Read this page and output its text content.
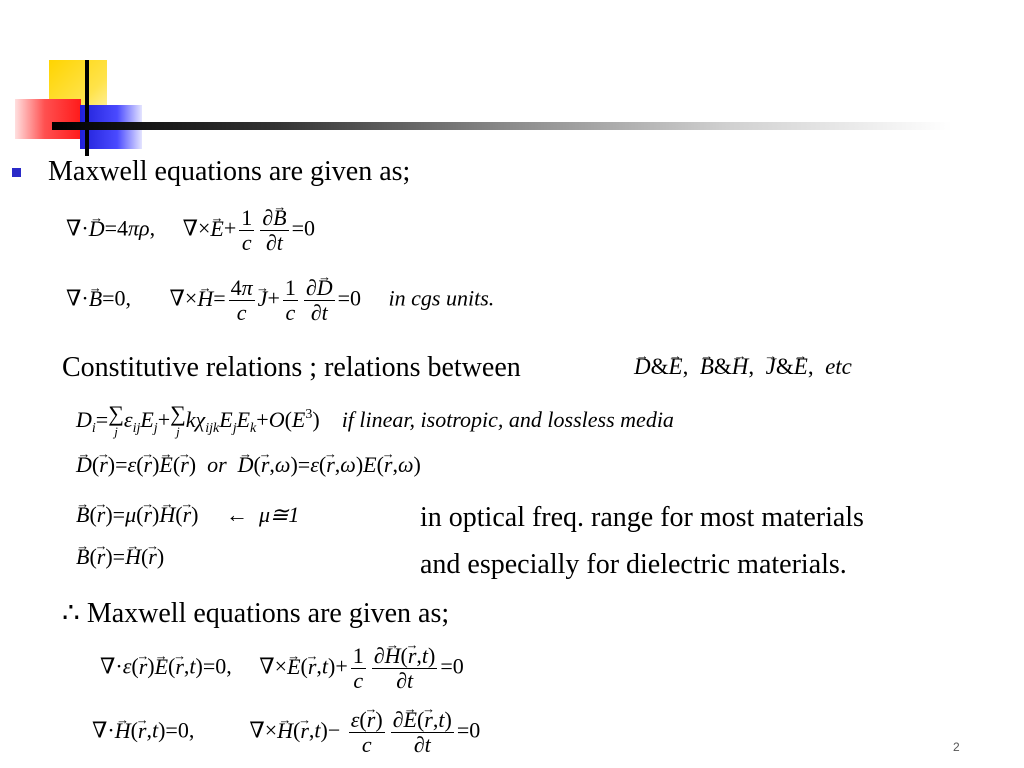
Maxwell equations are given as;
∇·→ D=4πρ,     ∇×→ $E+ \frac{1}{c} \frac{\partial\to B}{\partial t} =0$
∇·→ B=0,       ∇×→ $H= \frac{4\pi}{c}$
→ $J+ \frac{1}{c} \frac{\partial\to D}{\partial t} =0$     in cgs units.
Constitutive relations ; relations between
→	D&→ E,  → B&→ H,  → J&→ E,  etc
$D_i=\sum$
j $\varepsilon_{ij}E_j+\sum$
j $k\chi_{ijk}E_jE_k+O(E^3)$    if linear, isotropic, and lossless media
→ D(→ r)=ε(→ r)→ E(→ r)  or  → D(→ r,ω)=ε(→ r,ω)E(→ r,ω)
→ B(→ r)=μ(→ r)→ H(→ r)     ←  μ≅1
→ B(→ r)=→ H(→ r)
in optical freq. range for most materials
and especially for dielectric materials.
∴ Maxwell equations are given as;
∇·ε(→ r)→ E(→ r,t)=0,     ∇×→ $E(\to r,t)+ \frac{1}{c} \frac{\partial\to H(\to r,t)}{\partial t} =0$
∇·→ H(→ r,t)=0,          ∇×→ $H(\to r,t)- \frac{\varepsilon(\to r)}{c} \frac{\partial\to E(\to r,t)}{\partial t} =0$
2
